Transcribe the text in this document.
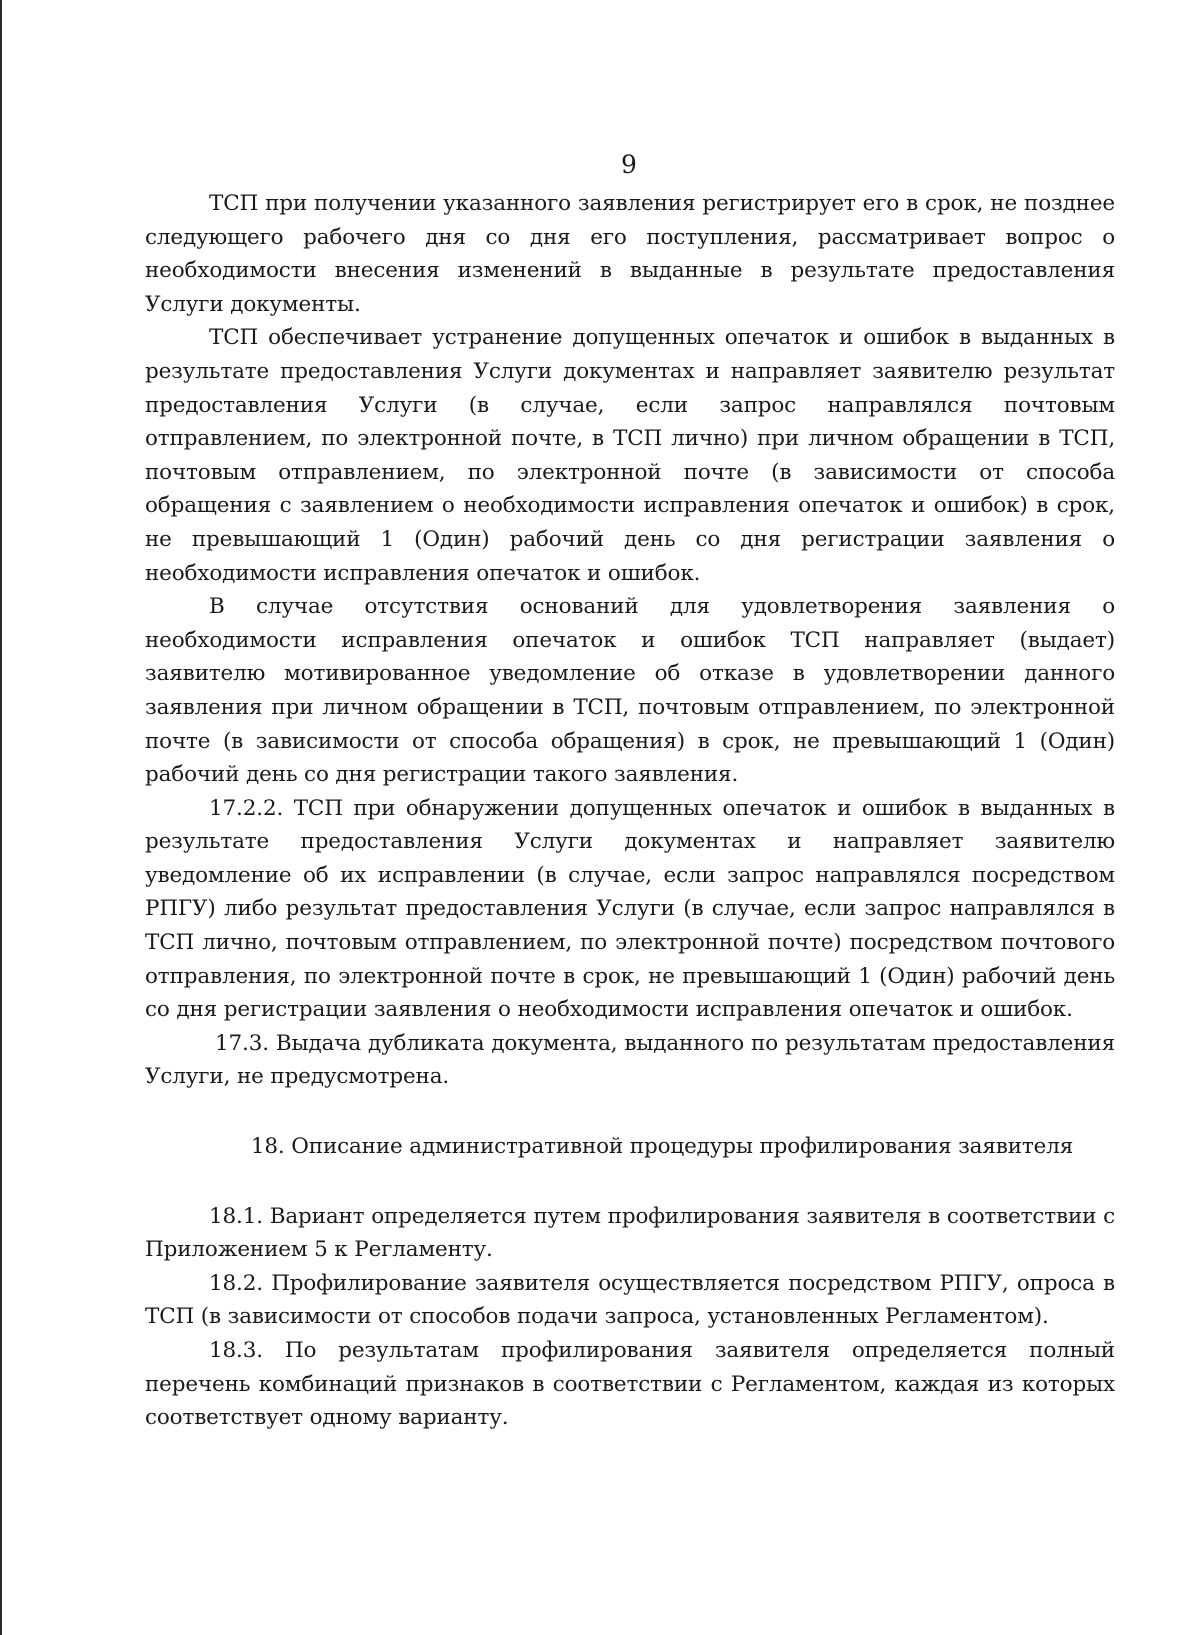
9

ТСП при получении указанного заявления регистрирует его в срок, не позднее следующего рабочего дня со дня его поступления, рассматривает вопрос о необходимости внесения изменений в выданные в результате предоставления Услуги документы.

ТСП обеспечивает устранение допущенных опечаток и ошибок в выданных в результате предоставления Услуги документах и направляет заявителю результат предоставления Услуги (в случае, если запрос направлялся почтовым отправлением, по электронной почте, в ТСП лично) при личном обращении в ТСП, почтовым отправлением, по электронной почте (в зависимости от способа обращения с заявлением о необходимости исправления опечаток и ошибок) в срок, не превышающий 1 (Один) рабочий день со дня регистрации заявления о необходимости исправления опечаток и ошибок.

В случае отсутствия оснований для удовлетворения заявления о необходимости исправления опечаток и ошибок ТСП направляет (выдает) заявителю мотивированное уведомление об отказе в удовлетворении данного заявления при личном обращении в ТСП, почтовым отправлением, по электронной почте (в зависимости от способа обращения) в срок, не превышающий 1 (Один) рабочий день со дня регистрации такого заявления.

17.2.2. ТСП при обнаружении допущенных опечаток и ошибок в выданных в результате предоставления Услуги документах и направляет заявителю уведомление об их исправлении (в случае, если запрос направлялся посредством РПГУ) либо результат предоставления Услуги (в случае, если запрос направлялся в ТСП лично, почтовым отправлением, по электронной почте) посредством почтового отправления, по электронной почте в срок, не превышающий 1 (Один) рабочий день со дня регистрации заявления о необходимости исправления опечаток и ошибок.

17.3. Выдача дубликата документа, выданного по результатам предоставления Услуги, не предусмотрена.

18. Описание административной процедуры профилирования заявителя

18.1. Вариант определяется путем профилирования заявителя в соответствии с Приложением 5 к Регламенту.

18.2. Профилирование заявителя осуществляется посредством РПГУ, опроса в ТСП (в зависимости от способов подачи запроса, установленных Регламентом).

18.3. По результатам профилирования заявителя определяется полный перечень комбинаций признаков в соответствии с Регламентом, каждая из которых соответствует одному варианту.
